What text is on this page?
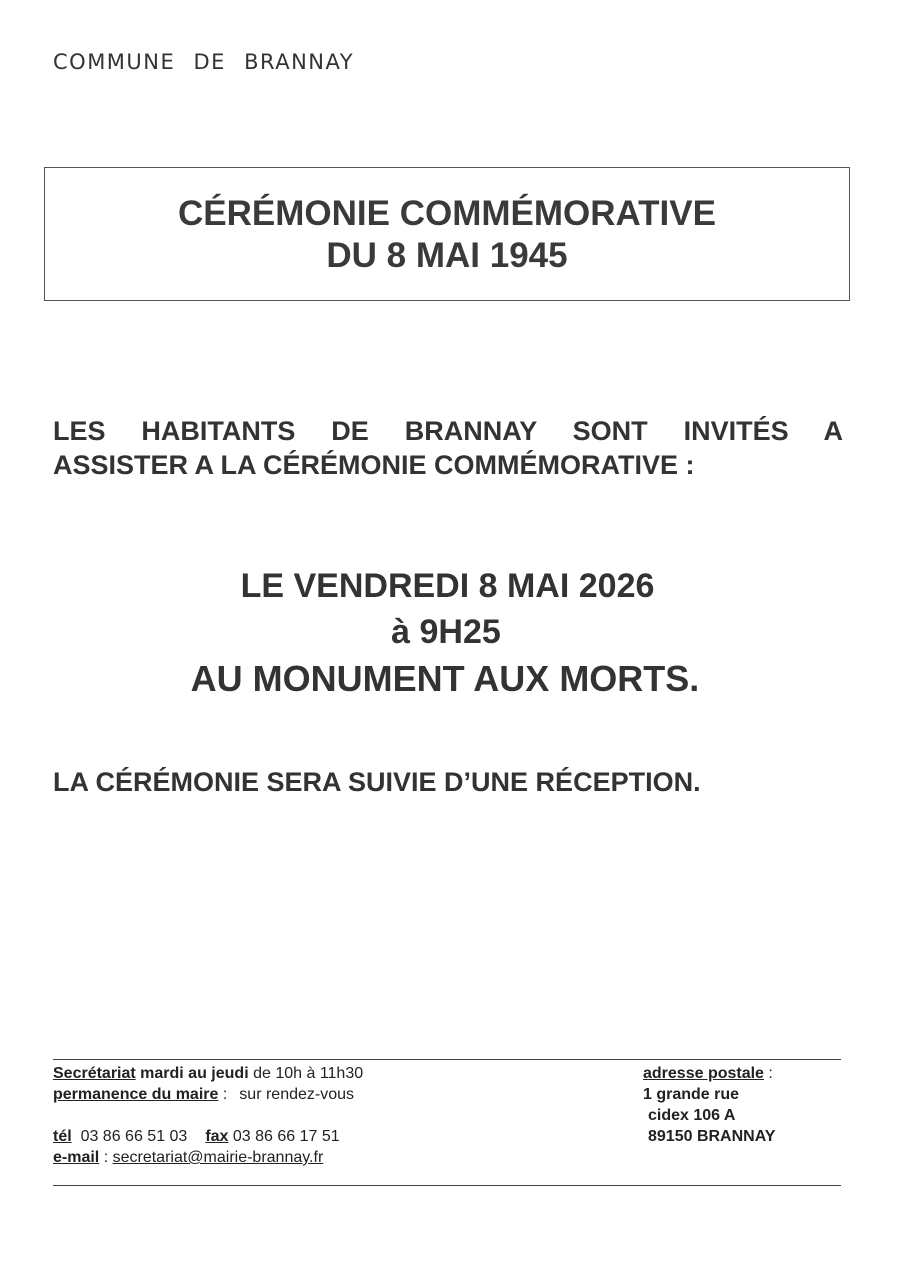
COMMUNE DE BRANNAY
CÉRÉMONIE COMMÉMORATIVE
DU 8 MAI 1945
LES HABITANTS DE BRANNAY SONT INVITÉS A
ASSISTER A LA CÉRÉMONIE COMMÉMORATIVE :
LE VENDREDI 8 MAI 2026
à 9H25
AU MONUMENT AUX MORTS.
LA CÉRÉMONIE SERA SUIVIE D’UNE RÉCEPTION.
Secrétariat mardi au jeudi de 10h à 11h30
permanence du maire : sur rendez-vous
tél 03 86 66 51 03 fax 03 86 66 17 51
e-mail : secretariat@mairie-brannay.fr
adresse postale :
1 grande rue
cidex 106 A
89150 BRANNAY
